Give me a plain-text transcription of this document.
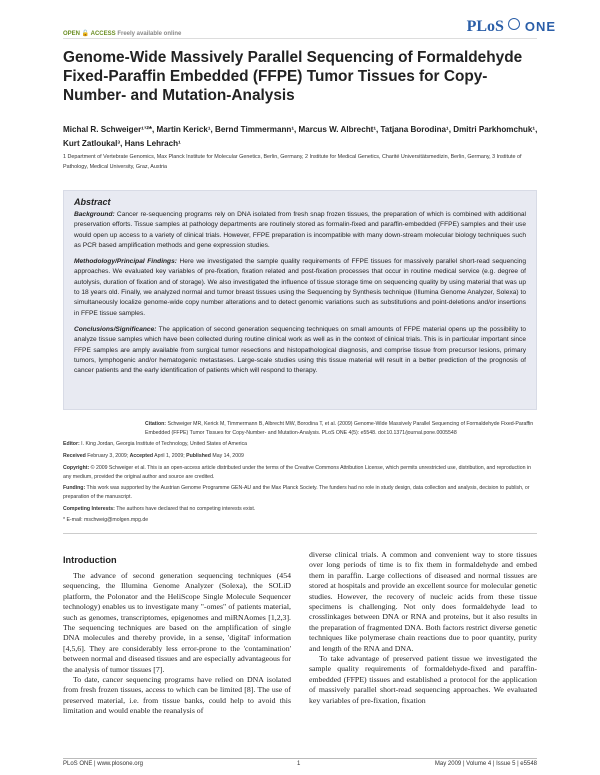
OPEN 🔓 ACCESS Freely available online	PLoS ONE
Genome-Wide Massively Parallel Sequencing of Formaldehyde Fixed-Paraffin Embedded (FFPE) Tumor Tissues for Copy-Number- and Mutation-Analysis
Michal R. Schweiger¹ʼ²*, Martin Kerick¹, Bernd Timmermann¹, Marcus W. Albrecht¹, Tatjana Borodina¹, Dmitri Parkhomchuk¹, Kurt Zatloukal³, Hans Lehrach¹
1 Department of Vertebrate Genomics, Max Planck Institute for Molecular Genetics, Berlin, Germany, 2 Institute for Medical Genetics, Charité Universitätsmedizin, Berlin, Germany, 3 Institute of Pathology, Medical University, Graz, Austria
Abstract

Background: Cancer re-sequencing programs rely on DNA isolated from fresh snap frozen tissues, the preparation of which is combined with additional preservation efforts. Tissue samples at pathology departments are routinely stored as formalin-fixed and paraffin-embedded (FFPE) samples and their use would open up access to a variety of clinical trials. However, FFPE preparation is incompatible with many down-stream molecular biology techniques such as PCR based amplification methods and gene expression studies.

Methodology/Principal Findings: Here we investigated the sample quality requirements of FFPE tissues for massively parallel short-read sequencing approaches. We evaluated key variables of pre-fixation, fixation related and post-fixation processes that occur in routine medical service (e.g. degree of autolysis, duration of fixation and of storage). We also investigated the influence of tissue storage time on sequencing quality by using material that was up to 18 years old. Finally, we analyzed normal and tumor breast tissues using the Sequencing by Synthesis technique (Illumina Genome Analyzer, Solexa) to simultaneously localize genome-wide copy number alterations and to detect genomic variations such as substitutions and point-deletions and/or insertions in FFPE tissue samples.

Conclusions/Significance: The application of second generation sequencing techniques on small amounts of FFPE material opens up the possibility to analyze tissue samples which have been collected during routine clinical work as well as in the context of clinical trials. This is in particular important since FFPE samples are amply available from surgical tumor resections and histopathological diagnosis, and comprise tissue from precursor lesions, primary tumors, lymphogenic and/or hematogenic metastases. Large-scale studies using this tissue material will result in a better prediction of the prognosis of cancer patients and the early identification of patients which will respond to therapy.

Citation: Schweiger MR, Kerick M, Timmermann B, Albrecht MW, Borodina T, et al. (2009) Genome-Wide Massively Parallel Sequencing of Formaldehyde Fixed-Paraffin Embedded (FFPE) Tumor Tissues for Copy-Number- and Mutation-Analysis. PLoS ONE 4(5): e5548. doi:10.1371/journal.pone.0005548

Editor: I. King Jordan, Georgia Institute of Technology, United States of America

Received February 3, 2009; Accepted April 1, 2009; Published May 14, 2009

Copyright: © 2009 Schweiger et al. This is an open-access article distributed under the terms of the Creative Commons Attribution License, which permits unrestricted use, distribution, and reproduction in any medium, provided the original author and source are credited.

Funding: This work was supported by the Austrian Genome Programme GEN-AU and the Max Planck Society. The funders had no role in study design, data collection and analysis, decision to publish, or preparation of the manuscript.

Competing Interests: The authors have declared that no competing interests exist.

* E-mail: mschweig@molgen.mpg.de

Introduction

The advance of second generation sequencing techniques (454 sequencing, the Illumina Genome Analyzer (Solexa), the SOLiD platform, the Polonator and the HeliScope Single Molecule Sequencer technology) enables us to investigate many "-omes" of patients material, such as genomes, transcriptomes, epigenomes and miRNAomes [1,2,3]. The sequencing techniques are based on the amplification of single DNA molecules and thereby provide, in a sense, 'digital' information [4,5,6]. They are considerably less error-prone to the 'contamination' between normal and diseased tissues and are especially advantageous for the analysis of tumor tissues [7].

To date, cancer sequencing programs have relied on DNA isolated from fresh frozen tissues, access to which can be limited [8]. The use of preserved material, i.e. from tissue banks, could help to avoid this limitation and would enable the reanalysis of

diverse clinical trials. A common and convenient way to store tissues over long periods of time is to fix them in formaldehyde and embed them in paraffin. Large collections of diseased and normal tissues are stored at hospitals and provide an excellent source for molecular genetic studies. However, the recovery of nucleic acids from these tissue specimens is challenging. Not only does formaldehyde lead to crosslinkages between DNA or RNA and proteins, but it also results in the preparation of fragmented DNA. Both factors restrict diverse genetic techniques like polymerase chain reactions due to poor quantity, purity and length of the RNA and DNA.

To take advantage of preserved patient tissue we investigated the sample quality requirements of formaldehyde-fixed and paraffin-embedded (FFPE) tissues and established a protocol for the application of massively parallel short-read sequencing approaches. We evaluated key variables of pre-fixation, fixation

PLoS ONE | www.plosone.org	1	May 2009 | Volume 4 | Issue 5 | e5548
